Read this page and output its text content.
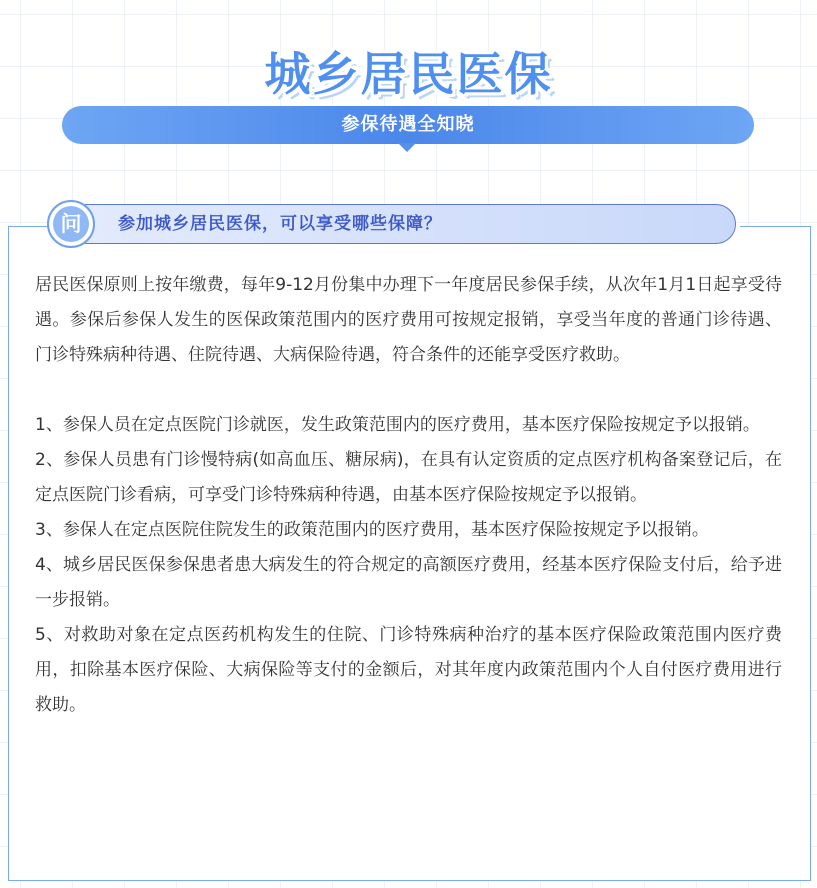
城乡居民医保
参保待遇全知晓
参加城乡居民医保，可以享受哪些保障？
问

居民医保原则上按年缴费，每年9-12月份集中办理下一年度居民参保手续，从次年1月1日起享受待遇。参保后参保人发生的医保政策范围内的医疗费用可按规定报销，享受当年度的普通门诊待遇、门诊特殊病种待遇、住院待遇、大病保险待遇，符合条件的还能享受医疗救助。

1、参保人员在定点医院门诊就医，发生政策范围内的医疗费用，基本医疗保险按规定予以报销。

2、参保人员患有门诊慢特病(如高血压、糖尿病)，在具有认定资质的定点医疗机构备案登记后，在定点医院门诊看病，可享受门诊特殊病种待遇，由基本医疗保险按规定予以报销。

3、参保人在定点医院住院发生的政策范围内的医疗费用，基本医疗保险按规定予以报销。

4、城乡居民医保参保患者患大病发生的符合规定的高额医疗费用，经基本医疗保险支付后，给予进一步报销。

5、对救助对象在定点医药机构发生的住院、门诊特殊病种治疗的基本医疗保险政策范围内医疗费用，扣除基本医疗保险、大病保险等支付的金额后，对其年度内政策范围内个人自付医疗费用进行救助。
